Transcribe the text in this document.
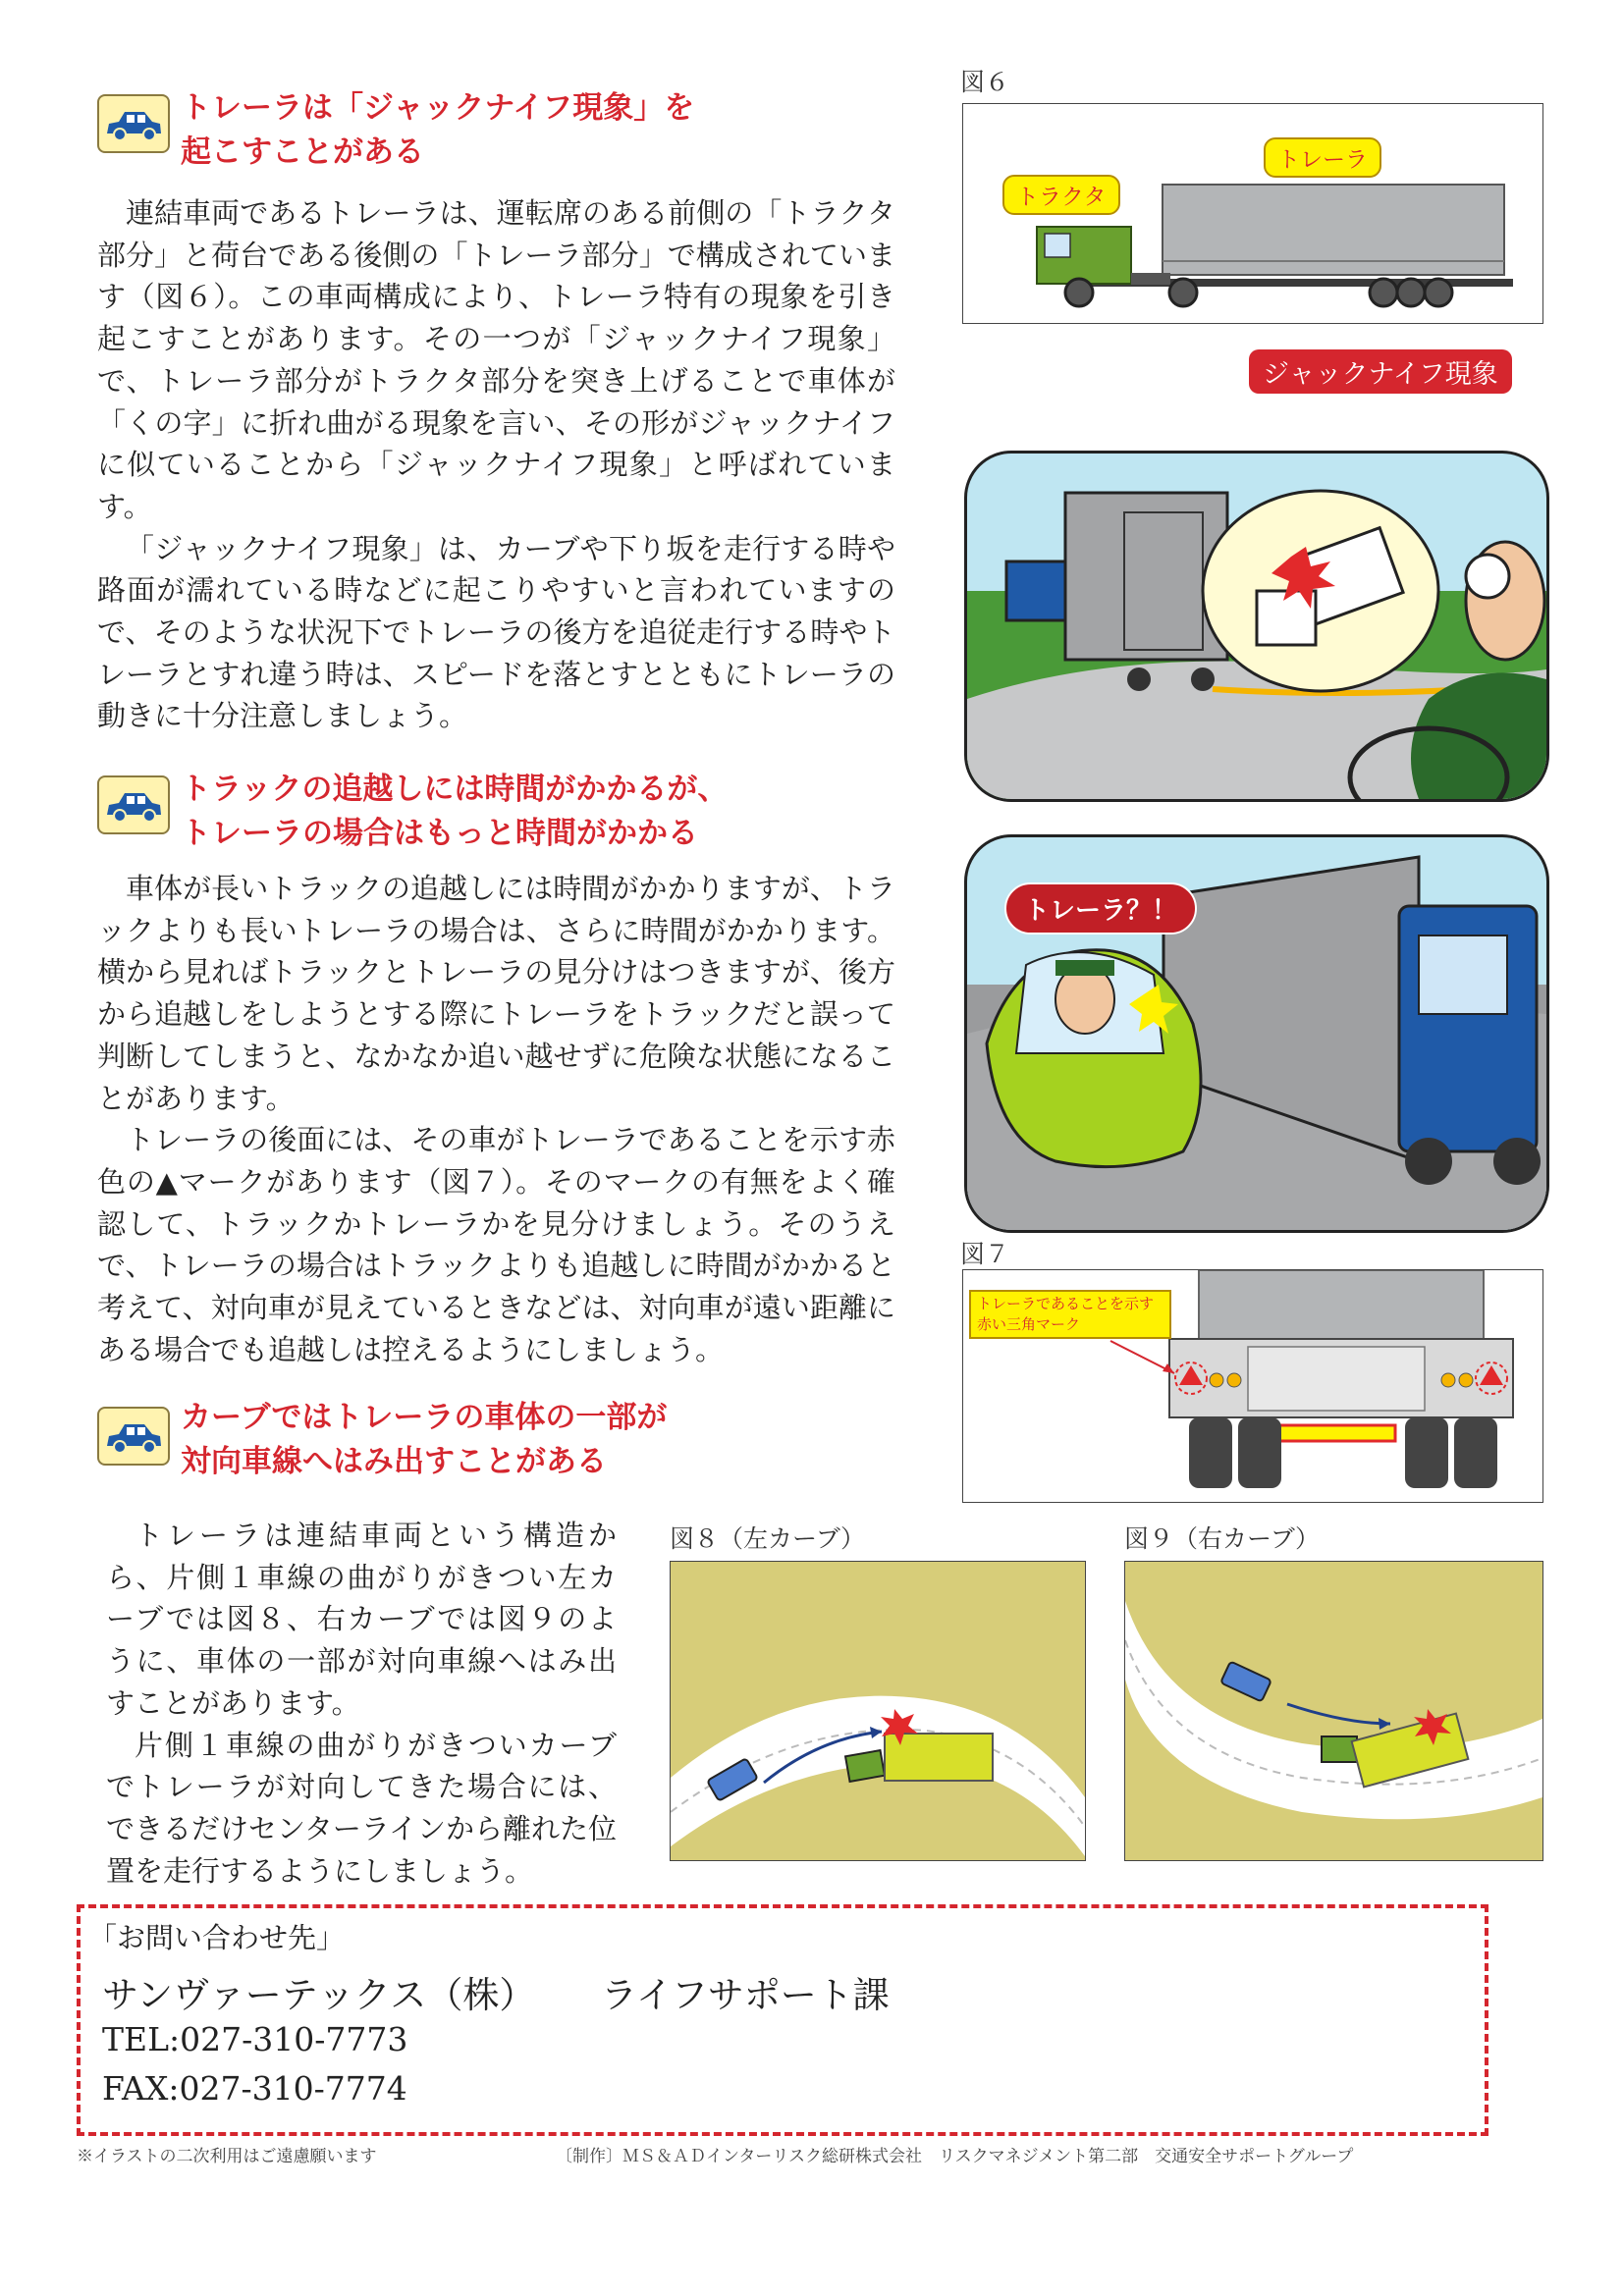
トレーラは「ジャックナイフ現象」を
起こすことがある

連結車両であるトレーラは、運転席のある前側の「トラクタ部分」と荷台である後側の「トレーラ部分」で構成されています（図６）。この車両構成により、トレーラ特有の現象を引き起こすことがあります。その一つが「ジャックナイフ現象」で、トレーラ部分がトラクタ部分を突き上げることで車体が「くの字」に折れ曲がる現象を言い、その形がジャックナイフに似ていることから「ジャックナイフ現象」と呼ばれています。

「ジャックナイフ現象」は、カーブや下り坂を走行する時や路面が濡れている時などに起こりやすいと言われていますので、そのような状況下でトレーラの後方を追従走行する時やトレーラとすれ違う時は、スピードを落とすとともにトレーラの動きに十分注意しましょう。

図６
トレーラ
トラクタ
ジャックナイフ現象
トラックの追越しには時間がかかるが、
トレーラの場合はもっと時間がかかる

車体が長いトラックの追越しには時間がかかりますが、トラックよりも長いトレーラの場合は、さらに時間がかかります。横から見ればトラックとトレーラの見分けはつきますが、後方から追越しをしようとする際にトレーラをトラックだと誤って判断してしまうと、なかなか追い越せずに危険な状態になることがあります。

トレーラの後面には、その車がトレーラであることを示す赤色の▲マークがあります（図７）。そのマークの有無をよく確認して、トラックかトレーラかを見分けましょう。そのうえで、トレーラの場合はトラックよりも追越しに時間がかかると考えて、対向車が見えているときなどは、対向車が遠い距離にある場合でも追越しは控えるようにしましょう。

トレーラ？！
図７
トレーラであることを示す赤い三角マーク
カーブではトレーラの車体の一部が
対向車線へはみ出すことがある

トレーラは連結車両という構造から、片側１車線の曲がりがきつい左カーブでは図８、右カーブでは図９のように、車体の一部が対向車線へはみ出すことがあります。

片側１車線の曲がりがきついカーブでトレーラが対向してきた場合には、できるだけセンターラインから離れた位置を走行するようにしましょう。

図８（左カーブ）	図９（右カーブ）
「お問い合わせ先」
サンヴァーテックス（株） ライフサポート課
TEL:027-310-7773
FAX:027-310-7774
※イラストの二次利用はご遠慮願います	〔制作〕ＭＳ＆ＡＤインターリスク総研株式会社　リスクマネジメント第二部　交通安全サポートグループ
